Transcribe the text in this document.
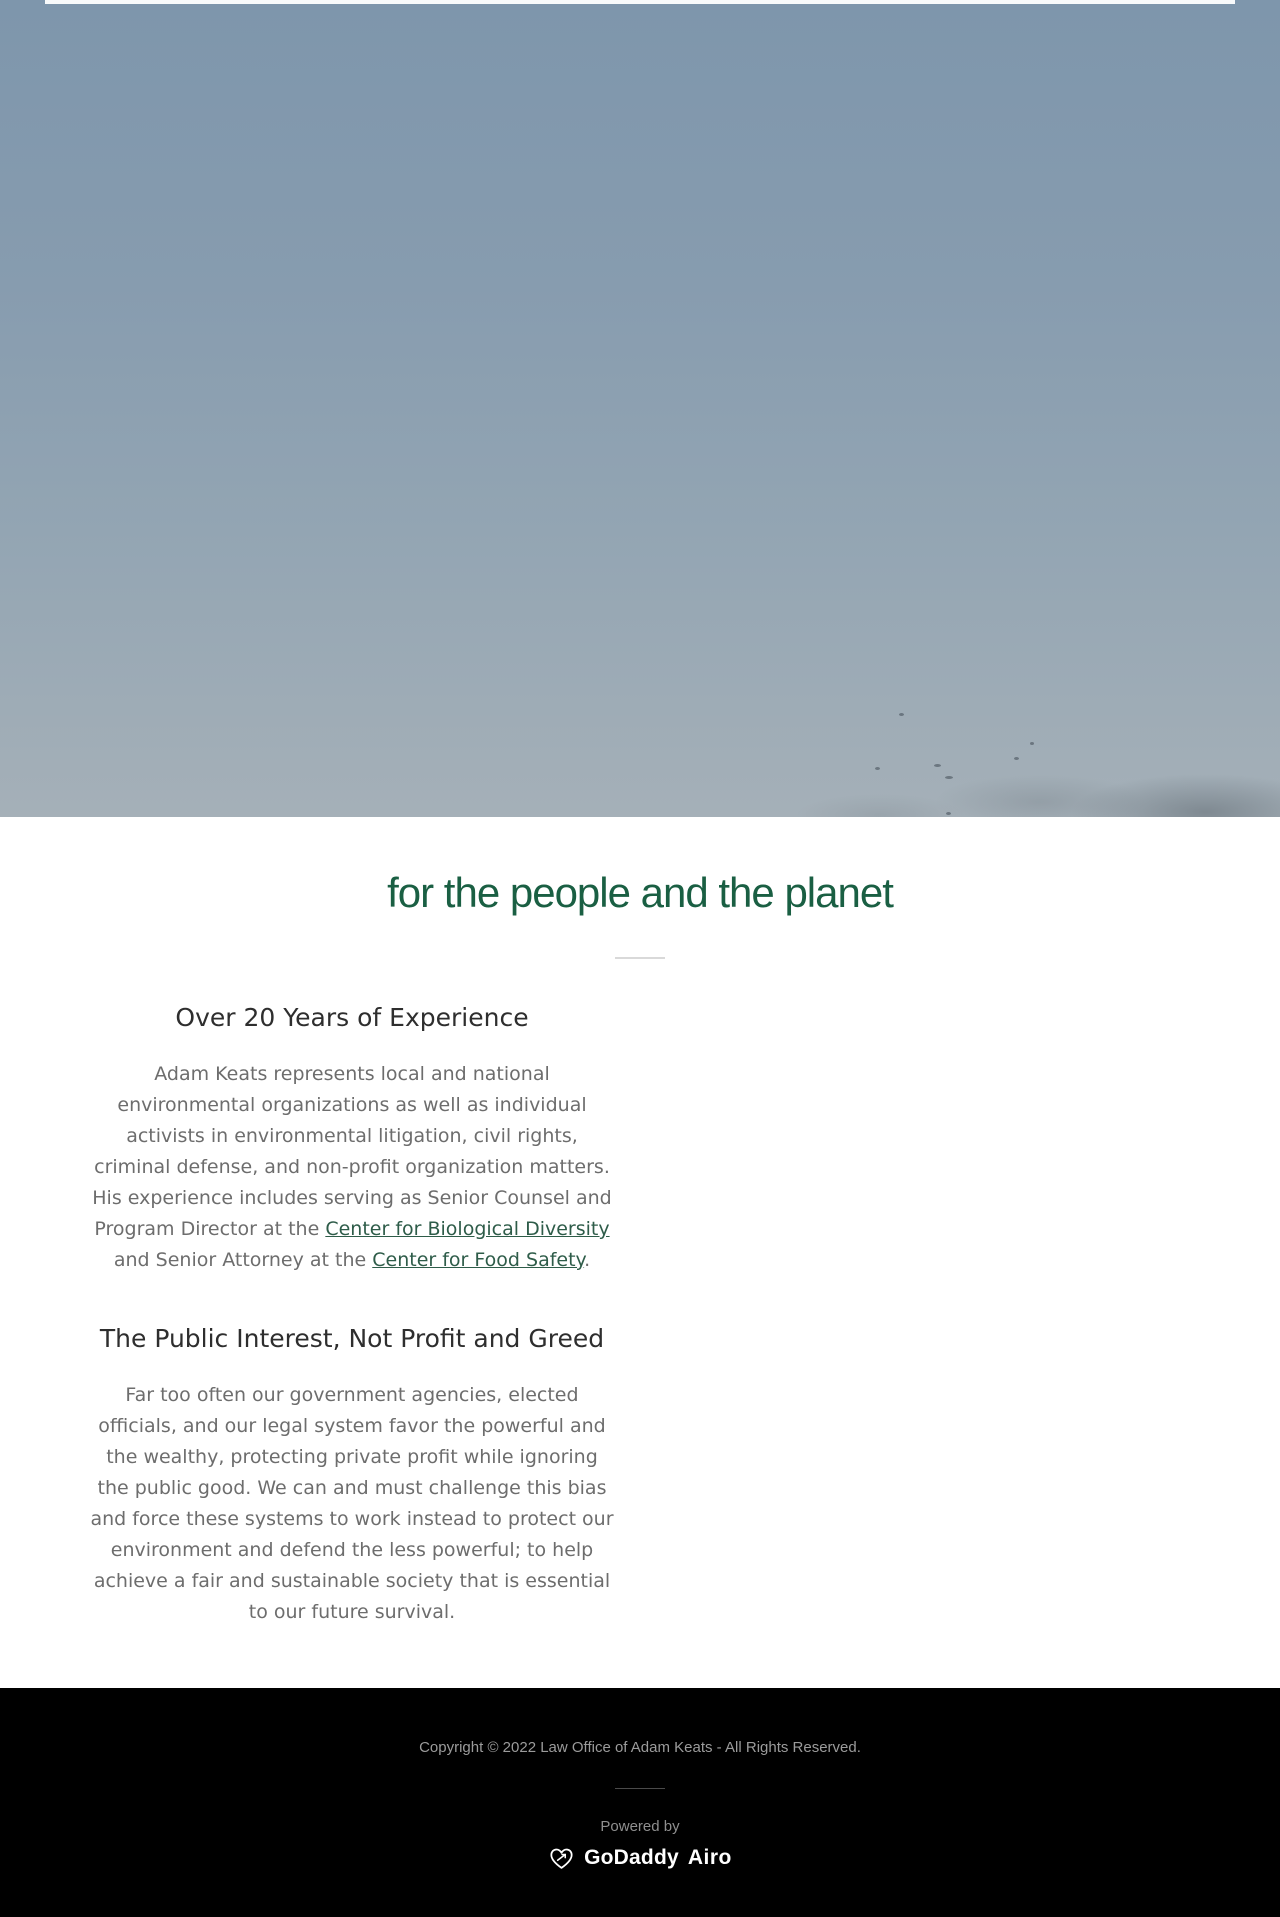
for the people and the planet
Over 20 Years of Experience

Adam Keats represents local and national environmental organizations as well as individual activists in environmental litigation, civil rights, criminal defense, and non-profit organization matters. His experience includes serving as Senior Counsel and Program Director at the Center for Biological Diversity and Senior Attorney at the Center for Food Safety.

The Public Interest, Not Profit and Greed

Far too often our government agencies, elected officials, and our legal system favor the powerful and the wealthy, protecting private profit while ignoring the public good. We can and must challenge this bias and force these systems to work instead to protect our environment and defend the less powerful; to help achieve a fair and sustainable society that is essential to our future survival.

Copyright © 2022 Law Office of Adam Keats - All Rights Reserved.

Powered by

GoDaddy Airo
